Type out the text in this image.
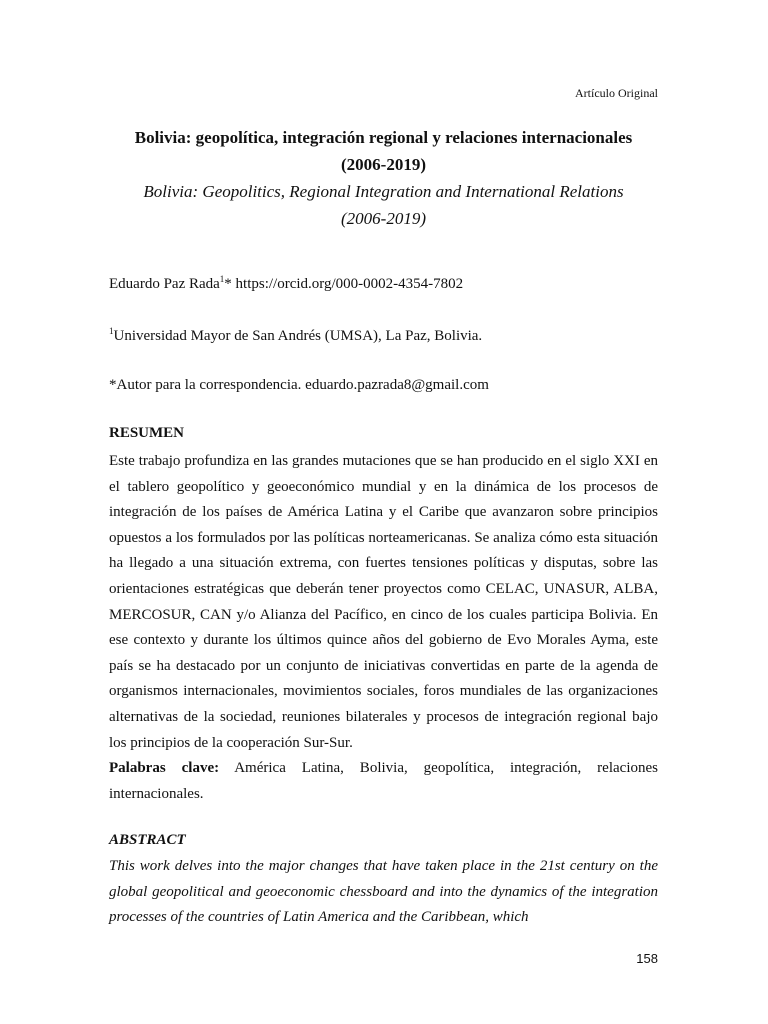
Artículo Original
Bolivia: geopolítica, integración regional y relaciones internacionales
(2006-2019)
Bolivia: Geopolitics, Regional Integration and International Relations
(2006-2019)
Eduardo Paz Rada$^1$* https://orcid.org/000-0002-4354-7802
$^1$Universidad Mayor de San Andrés (UMSA), La Paz, Bolivia.
*Autor para la correspondencia. eduardo.pazrada8@gmail.com
RESUMEN
Este trabajo profundiza en las grandes mutaciones que se han producido en el siglo XXI en el tablero geopolítico y geoeconómico mundial y en la dinámica de los procesos de integración de los países de América Latina y el Caribe que avanzaron sobre principios opuestos a los formulados por las políticas norteamericanas. Se analiza cómo esta situación ha llegado a una situación extrema, con fuertes tensiones políticas y disputas, sobre las orientaciones estratégicas que deberán tener proyectos como CELAC, UNASUR, ALBA, MERCOSUR, CAN y/o Alianza del Pacífico, en cinco de los cuales participa Bolivia. En ese contexto y durante los últimos quince años del gobierno de Evo Morales Ayma, este país se ha destacado por un conjunto de iniciativas convertidas en parte de la agenda de organismos internacionales, movimientos sociales, foros mundiales de las organizaciones alternativas de la sociedad, reuniones bilaterales y procesos de integración regional bajo los principios de la cooperación Sur-Sur.
Palabras clave: América Latina, Bolivia, geopolítica, integración, relaciones internacionales.
ABSTRACT
This work delves into the major changes that have taken place in the 21st century on the global geopolitical and geoeconomic chessboard and into the dynamics of the integration processes of the countries of Latin America and the Caribbean, which
158
